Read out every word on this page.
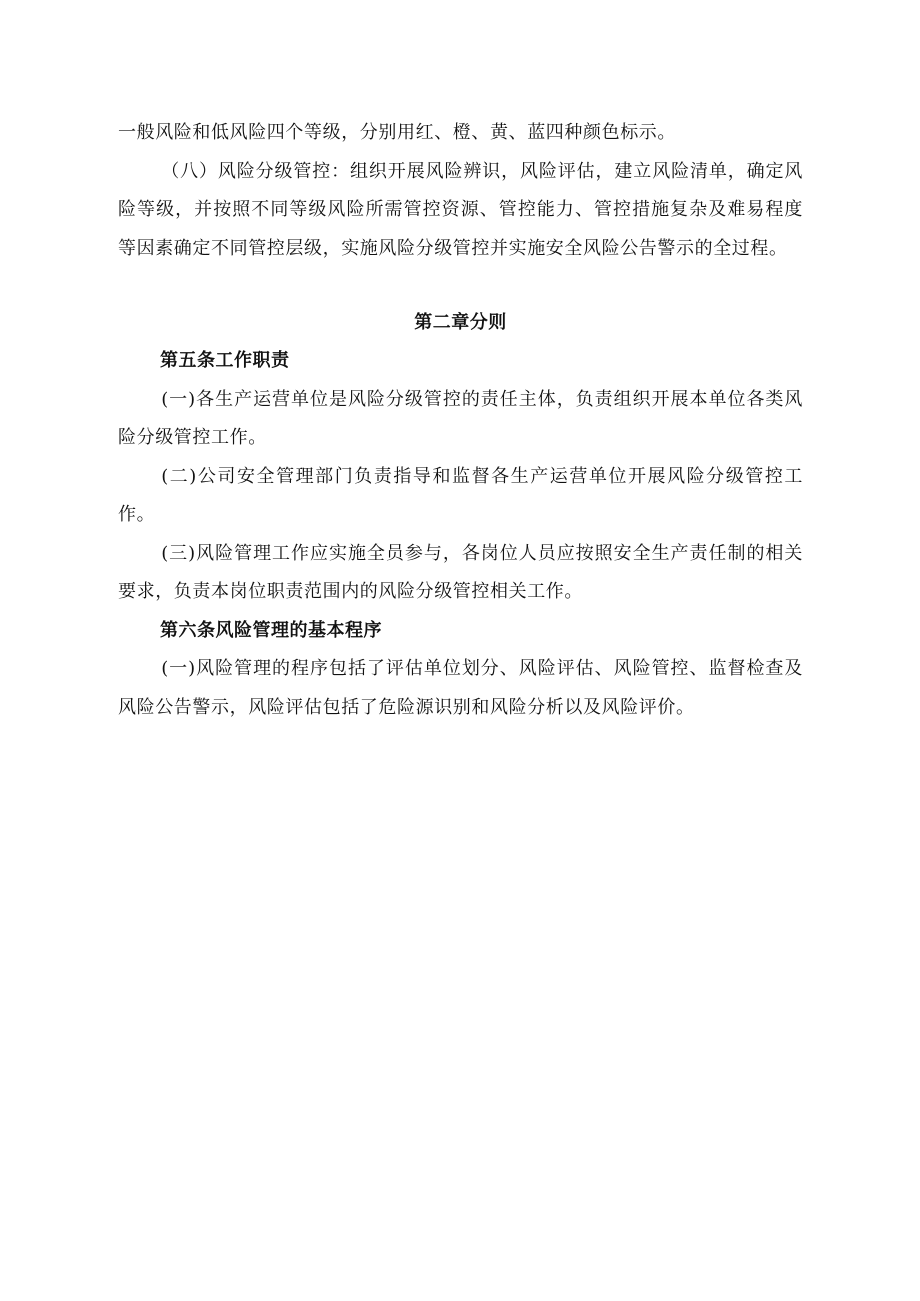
一般风险和低风险四个等级，分别用红、橙、黄、蓝四种颜色标示。

（八）风险分级管控：组织开展风险辨识，风险评估，建立风险清单，确定风险等级，并按照不同等级风险所需管控资源、管控能力、管控措施复杂及难易程度等因素确定不同管控层级，实施风险分级管控并实施安全风险公告警示的全过程。

第二章分则
第五条工作职责

(一)各生产运营单位是风险分级管控的责任主体，负责组织开展本单位各类风险分级管控工作。

(二)公司安全管理部门负责指导和监督各生产运营单位开展风险分级管控工作。

(三)风险管理工作应实施全员参与，各岗位人员应按照安全生产责任制的相关要求，负责本岗位职责范围内的风险分级管控相关工作。

第六条风险管理的基本程序

(一)风险管理的程序包括了评估单位划分、风险评估、风险管控、监督检查及风险公告警示，风险评估包括了危险源识别和风险分析以及风险评价。
